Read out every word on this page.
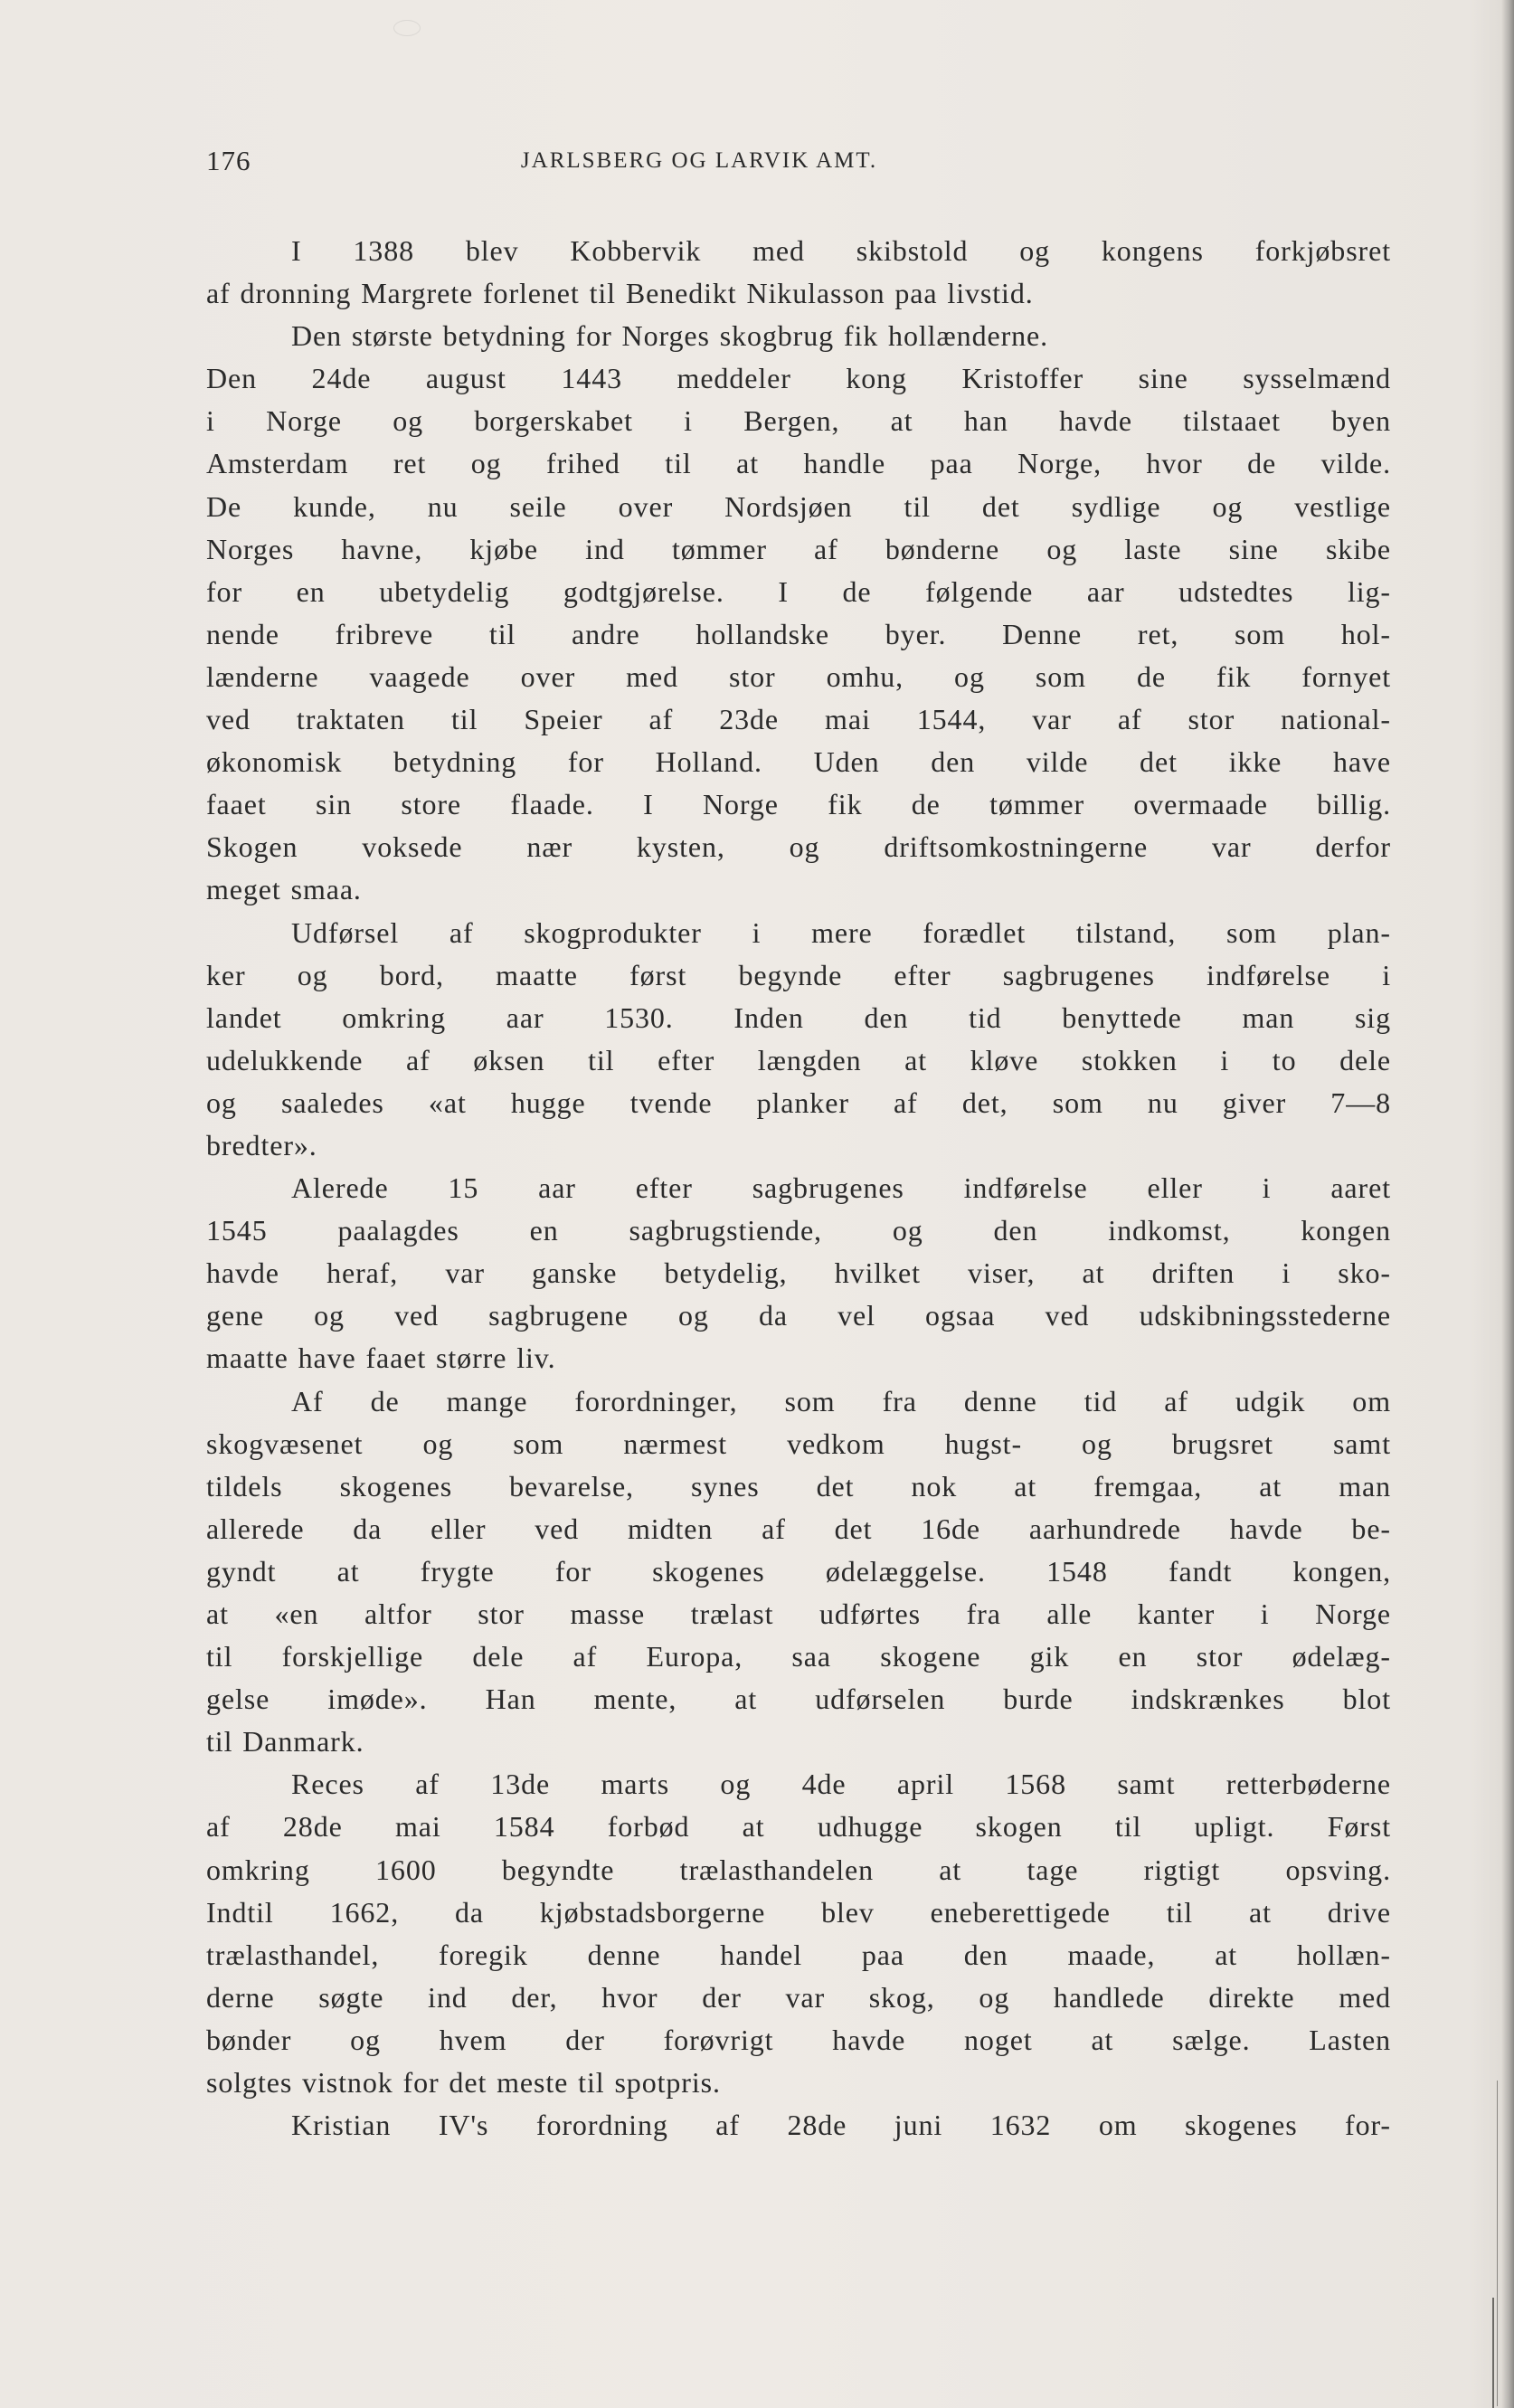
176	JARLSBERG OG LARVIK AMT.
I 1388 blev Kobbervik med skibstold og kongens forkjøbsret
af dronning Margrete forlenet til Benedikt Nikulasson paa livstid.
Den største betydning for Norges skogbrug fik hollænderne.
Den 24de august 1443 meddeler kong Kristoffer sine sysselmænd
i Norge og borgerskabet i Bergen, at han havde tilstaaet byen
Amsterdam ret og frihed til at handle paa Norge, hvor de vilde.
De kunde, nu seile over Nordsjøen til det sydlige og vestlige
Norges havne, kjøbe ind tømmer af bønderne og laste sine skibe
for en ubetydelig godtgjørelse. I de følgende aar udstedtes lig-
nende fribreve til andre hollandske byer. Denne ret, som hol-
lænderne vaagede over med stor omhu, og som de fik fornyet
ved traktaten til Speier af 23de mai 1544, var af stor national-
økonomisk betydning for Holland. Uden den vilde det ikke have
faaet sin store flaade. I Norge fik de tømmer overmaade billig.
Skogen voksede nær kysten, og driftsomkostningerne var derfor
meget smaa.
Udførsel af skogprodukter i mere forædlet tilstand, som plan-
ker og bord, maatte først begynde efter sagbrugenes indførelse i
landet omkring aar 1530. Inden den tid benyttede man sig
udelukkende af øksen til efter længden at kløve stokken i to dele
og saaledes «at hugge tvende planker af det, som nu giver 7—8
bredter».
Alerede 15 aar efter sagbrugenes indførelse eller i aaret
1545 paalagdes en sagbrugstiende, og den indkomst, kongen
havde heraf, var ganske betydelig, hvilket viser, at driften i sko-
gene og ved sagbrugene og da vel ogsaa ved udskibningsstederne
maatte have faaet større liv.
Af de mange forordninger, som fra denne tid af udgik om
skogvæsenet og som nærmest vedkom hugst- og brugsret samt
tildels skogenes bevarelse, synes det nok at fremgaa, at man
allerede da eller ved midten af det 16de aarhundrede havde be-
gyndt at frygte for skogenes ødelæggelse. 1548 fandt kongen,
at «en altfor stor masse trælast udførtes fra alle kanter i Norge
til forskjellige dele af Europa, saa skogene gik en stor ødelæg-
gelse imøde». Han mente, at udførselen burde indskrænkes blot
til Danmark.
Reces af 13de marts og 4de april 1568 samt retterbøderne
af 28de mai 1584 forbød at udhugge skogen til upligt. Først
omkring 1600 begyndte trælasthandelen at tage rigtigt opsving.
Indtil 1662, da kjøbstadsborgerne blev eneberettigede til at drive
trælasthandel, foregik denne handel paa den maade, at hollæn-
derne søgte ind der, hvor der var skog, og handlede direkte med
bønder og hvem der forøvrigt havde noget at sælge. Lasten
solgtes vistnok for det meste til spotpris.
Kristian IV's forordning af 28de juni 1632 om skogenes for-
